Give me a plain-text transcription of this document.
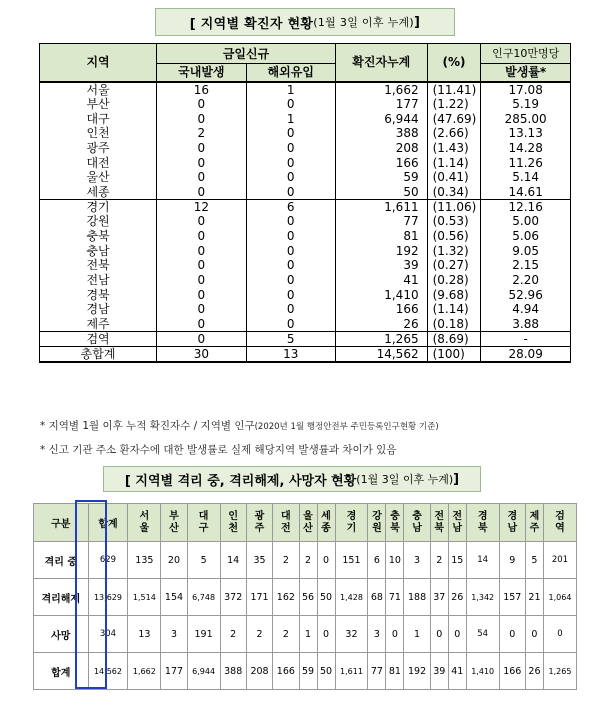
[ 지역별 확진자 현황 (1월 3일 이후 누계) ]
지역	금일신규		확진자누계	(%)	인구10만명당
	국내발생	해외유입			발생률*
서울	16	1	1,662	(11.41)	17.08
부산	0	0	177	(1.22)	5.19
대구	0	1	6,944	(47.69)	285.00
인천	2	0	388	(2.66)	13.13
광주	0	0	208	(1.43)	14.28
대전	0	0	166	(1.14)	11.26
울산	0	0	59	(0.41)	5.14
세종	0	0	50	(0.34)	14.61
경기	12	6	1,611	(11.06)	12.16
강원	0	0	77	(0.53)	5.00
충북	0	0	81	(0.56)	5.06
충남	0	0	192	(1.32)	9.05
전북	0	0	39	(0.27)	2.15
전남	0	0	41	(0.28)	2.20
경북	0	0	1,410	(9.68)	52.96
경남	0	0	166	(1.14)	4.94
제주	0	0	26	(0.18)	3.88
검역	0	5	1,265	(8.69)	-
총합계	30	13	14,562	(100)	28.09
* 지역별 1월 이후 누적 확진자수 / 지역별 인구(2020년 1월 행정안전부 주민등록인구현황 기준)
* 신고 기관 주소 환자수에 대한 발생률로 실제 해당지역 발생률과 차이가 있음
[ 지역별 격리 중, 격리해제, 사망자 현황 (1월 3일 이후 누계) ]
구분	합계	서울	부산	대구	인천	광주	대전	울산	세종	경기	강원	충북	충남	전북	전남	경북	경남	제주	검역
격리 중	629	135	20	5	14	35	2	2	0	151	6	10	3	2	15	14	9	5	201
격리해제	13,629	1,514	154	6,748	372	171	162	56	50	1,428	68	71	188	37	26	1,342	157	21	1,064
사망	304	13	3	191	2	2	2	1	0	32	3	0	1	0	0	54	0	0	0
합계	14,562	1,662	177	6,944	388	208	166	59	50	1,611	77	81	192	39	41	1,410	166	26	1,265
